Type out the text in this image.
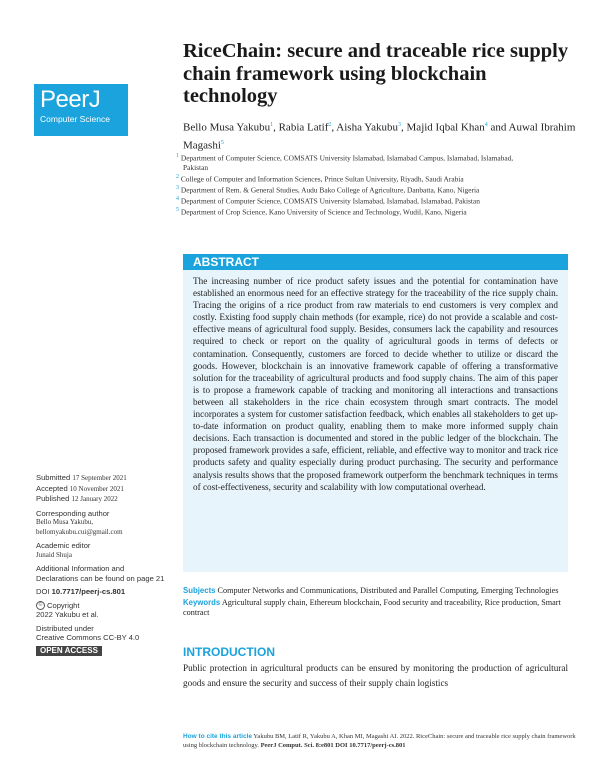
PeerJ
Computer Science
RiceChain: secure and traceable rice supply chain framework using blockchain technology

Bello Musa Yakubu$^1$, Rabia Latif$^2$, Aisha Yakubu$^3$, Majid Iqbal Khan$^4$ and Auwal Ibrahim Magashi$^5$

$^1$ Department of Computer Science, COMSATS University Islamabad, Islamabad Campus, Islamabad, Islamabad, Pakistan

$^2$ College of Computer and Information Sciences, Prince Sultan University, Riyadh, Saudi Arabia

$^3$ Department of Rem. & General Studies, Audu Bako College of Agriculture, Danbatta, Kano, Nigeria

$^4$ Department of Computer Science, COMSATS University Islamabad, Islamabad, Islamabad, Pakistan

$^5$ Department of Crop Science, Kano University of Science and Technology, Wudil, Kano, Nigeria

ABSTRACT

The increasing number of rice product safety issues and the potential for contamination have established an enormous need for an effective strategy for the traceability of the rice supply chain. Tracing the origins of a rice product from raw materials to end customers is very complex and costly. Existing food supply chain methods (for example, rice) do not provide a scalable and cost-effective means of agricultural food supply. Besides, consumers lack the capability and resources required to check or report on the quality of agricultural goods in terms of defects or contamination. Consequently, customers are forced to decide whether to utilize or discard the goods. However, blockchain is an innovative framework capable of offering a transformative solution for the traceability of agricultural products and food supply chains. The aim of this paper is to propose a framework capable of tracking and monitoring all interactions and transactions between all stakeholders in the rice chain ecosystem through smart contracts. The model incorporates a system for customer satisfaction feedback, which enables all stakeholders to get up-to-date information on product quality, enabling them to make more informed supply chain decisions. Each transaction is documented and stored in the public ledger of the blockchain. The proposed framework provides a safe, efficient, reliable, and effective way to monitor and track rice products safety and quality especially during product purchasing. The security and performance analysis results shows that the proposed framework outperform the benchmark techniques in terms of cost-effectiveness, security and scalability with low computational overhead.

Subjects Computer Networks and Communications, Distributed and Parallel Computing, Emerging Technologies

Keywords Agricultural supply chain, Ethereum blockchain, Food security and traceability, Rice production, Smart contract

INTRODUCTION

Public protection in agricultural products can be ensured by monitoring the production of agricultural goods and ensure the security and success of their supply chain logistics

Submitted 17 September 2021
Accepted 10 November 2021
Published 12 January 2022
Corresponding author
Bello Musa Yakubu,
bellomyakubu.cui@gmail.com
Academic editor
Junaid Shuja
Additional Information and Declarations can be found on page 21
DOI 10.7717/peerj-cs.801
© Copyright
2022 Yakubu et al.
Distributed under
Creative Commons CC-BY 4.0
OPEN ACCESS
How to cite this article Yakubu BM, Latif R, Yakubu A, Khan MI, Magashi AI. 2022. RiceChain: secure and traceable rice supply chain framework using blockchain technology. PeerJ Comput. Sci. 8:e801 DOI 10.7717/peerj-cs.801
